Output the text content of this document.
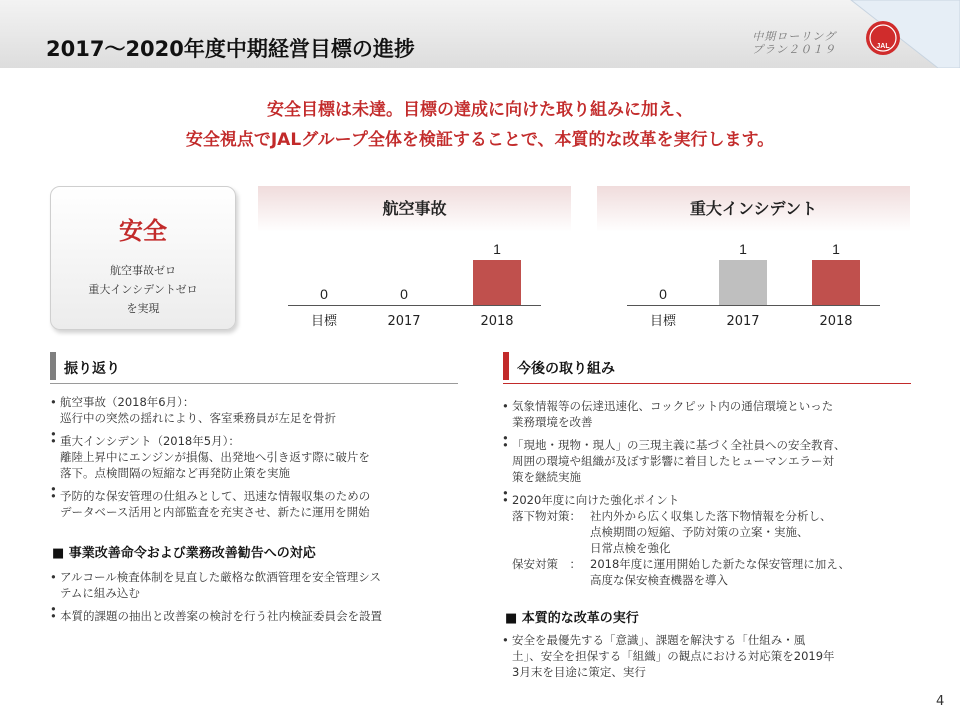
2017～2020年度中期経営目標の進捗
中期ローリング
プラン２０１９	JAL
安全目標は未達。目標の達成に向けた取り組みに加え、
安全視点でJALグループ全体を検証することで、本質的な改革を実行します。
安全
航空事故ゼロ
重大インシデントゼロ
を実現
航空事故
0
目標
0
2017
1
2018
重大インシデント
0
目標
1
2017
1
2018
振り返り
• 航空事故（2018年6月）：
巡行中の突然の揺れにより、客室乗務員が左足を骨折
•
• 重大インシデント（2018年5月）：
離陸上昇中にエンジンが損傷、出発地へ引き返す際に破片を
落下。点検間隔の短縮など再発防止策を実施
•
• 予防的な保安管理の仕組みとして、迅速な情報収集のための
データベース活用と内部監査を充実させ、新たに運用を開始
■ 事業改善命令および業務改善勧告への対応
• アルコール検査体制を見直した厳格な飲酒管理を安全管理シス
テムに組み込む
•
• 本質的課題の抽出と改善案の検討を行う社内検証委員会を設置
今後の取り組み
• 気象情報等の伝達迅速化、コックピット内の通信環境といった
業務環境を改善
•
• 「現地・現物・現人」の三現主義に基づく全社員への安全教育、
周囲の環境や組織が及ぼす影響に着目したヒューマンエラー対
策を継続実施
•
• 2020年度に向けた強化ポイント
落下物対策： 社内外から広く収集した落下物情報を分析し、
点検期間の短縮、予防対策の立案・実施、
日常点検を強化
保安対策　： 2018年度に運用開始した新たな保安管理に加え、
高度な保安検査機器を導入
■ 本質的な改革の実行
• 安全を最優先する「意識」、課題を解決する「仕組み・風
土」、安全を担保する「組織」の観点における対応策を2019年
3月末を目途に策定、実行
4
